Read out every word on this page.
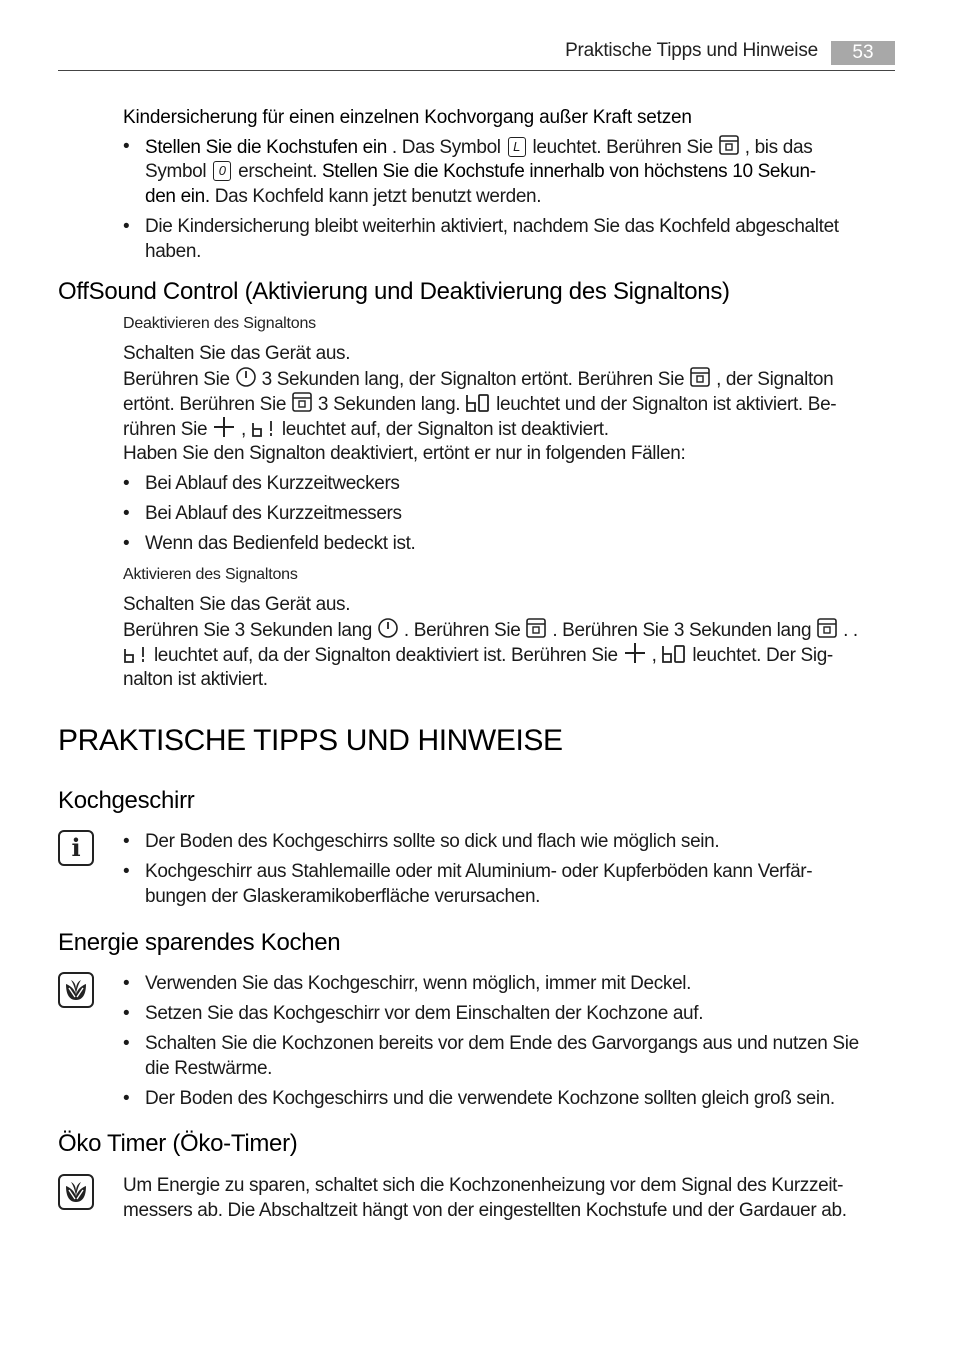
Praktische Tipps und Hinweise	53
Kindersicherung für einen einzelnen Kochvorgang außer Kraft setzen
• Stellen Sie die Kochstufen ein . Das Symbol L leuchtet. Berühren Sie , bis das
Symbol 0 erscheint. Stellen Sie die Kochstufe innerhalb von höchstens 10 Sekun-
den ein. Das Kochfeld kann jetzt benutzt werden.
• Die Kindersicherung bleibt weiterhin aktiviert, nachdem Sie das Kochfeld abgeschaltet
haben.
OffSound Control (Aktivierung und Deaktivierung des Signaltons)
Deaktivieren des Signaltons
Schalten Sie das Gerät aus.
Berühren Sie 3 Sekunden lang, der Signalton ertönt. Berühren Sie , der Signalton
ertönt. Berühren Sie 3 Sekunden lang. leuchtet und der Signalton ist aktiviert. Be-
rühren Sie , leuchtet auf, der Signalton ist deaktiviert.
Haben Sie den Signalton deaktiviert, ertönt er nur in folgenden Fällen:
• Bei Ablauf des Kurzzeitweckers
• Bei Ablauf des Kurzzeitmessers
• Wenn das Bedienfeld bedeckt ist.
Aktivieren des Signaltons
Schalten Sie das Gerät aus.
Berühren Sie 3 Sekunden lang . Berühren Sie . Berühren Sie 3 Sekunden lang . .
leuchtet auf, da der Signalton deaktiviert ist. Berühren Sie , leuchtet. Der Sig-
nalton ist aktiviert.
PRAKTISCHE TIPPS UND HINWEISE
Kochgeschirr
i	• Der Boden des Kochgeschirrs sollte so dick und flach wie möglich sein.
• Kochgeschirr aus Stahlemaille oder mit Aluminium- oder Kupferböden kann Verfär-
bungen der Glaskeramikoberfläche verursachen.
Energie sparendes Kochen
• Verwenden Sie das Kochgeschirr, wenn möglich, immer mit Deckel.
• Setzen Sie das Kochgeschirr vor dem Einschalten der Kochzone auf.
• Schalten Sie die Kochzonen bereits vor dem Ende des Garvorgangs aus und nutzen Sie
die Restwärme.
• Der Boden des Kochgeschirrs und die verwendete Kochzone sollten gleich groß sein.
Öko Timer (Öko-Timer)
Um Energie zu sparen, schaltet sich die Kochzonenheizung vor dem Signal des Kurzzeit-
messers ab. Die Abschaltzeit hängt von der eingestellten Kochstufe und der Gardauer ab.
